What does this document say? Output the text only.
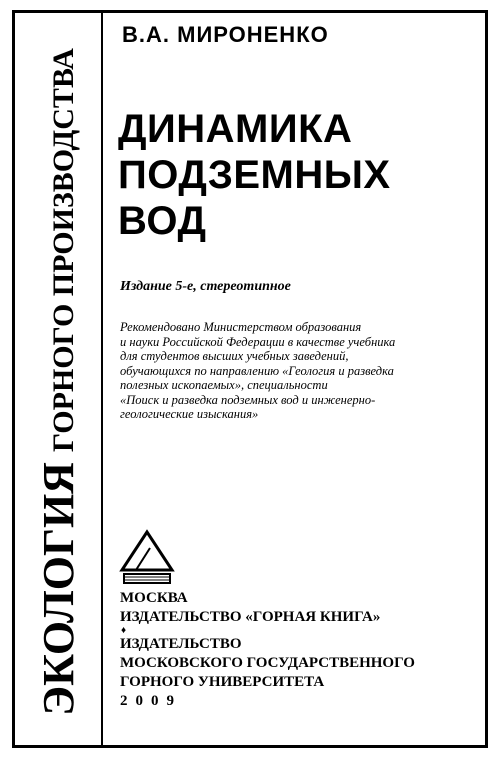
ЭКОЛОГИЯГОРНОГО ПРОИЗВОДСТВА
В.А. МИРОНЕНКО
ДИНАМИКА
ПОДЗЕМНЫХ
ВОД
Издание 5-е, стереотипное
Рекомендовано Министерством образования
и науки Российской Федерации в качестве учебника
для студентов высших учебных заведений,
обучающихся по направлению «Геология и разведка
полезных ископаемых», специальности
«Поиск и разведка подземных вод и инженерно-
геологические изыскания»
МОСКВА
ИЗДАТЕЛЬСТВО «ГОРНАЯ КНИГА»
♦
ИЗДАТЕЛЬСТВО
МОСКОВСКОГО ГОСУДАРСТВЕННОГО
ГОРНОГО УНИВЕРСИТЕТА
2009
